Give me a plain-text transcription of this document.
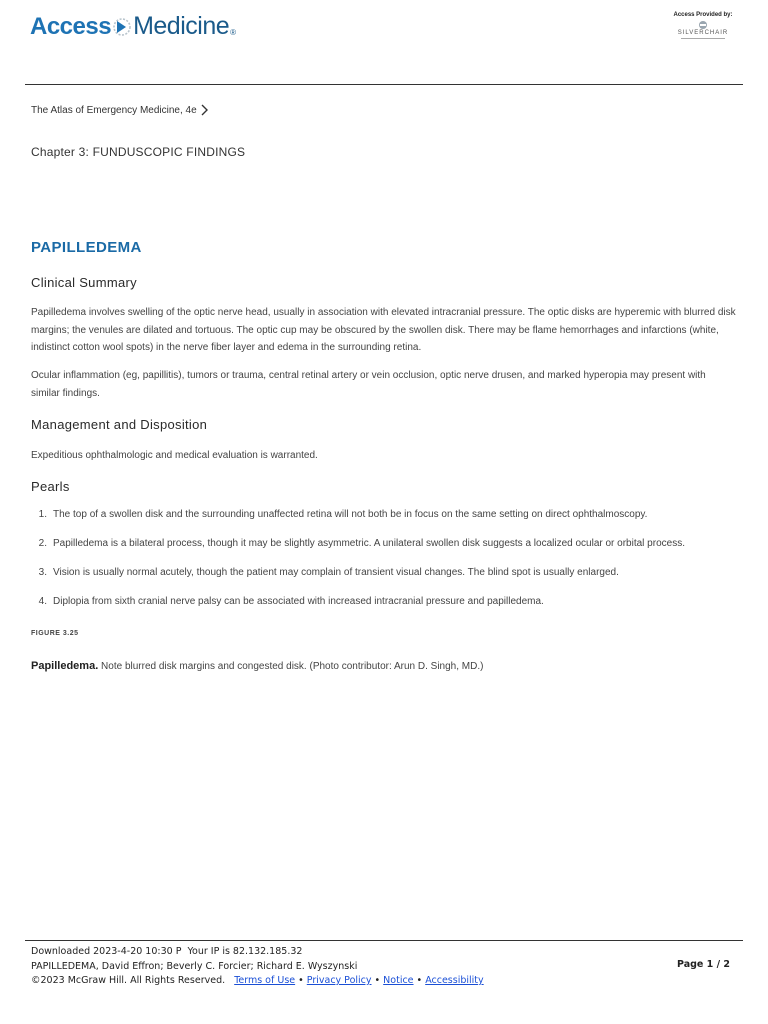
Access Medicine ®
Access Provided by:
SILVERCHAIR
The Atlas of Emergency Medicine, 4e
Chapter 3: FUNDUSCOPIC FINDINGS
PAPILLEDEMA
Clinical Summary

Papilledema involves swelling of the optic nerve head, usually in association with elevated intracranial pressure. The optic disks are hyperemic with blurred disk margins; the venules are dilated and tortuous. The optic cup may be obscured by the swollen disk. There may be flame hemorrhages and infarctions (white, indistinct cotton wool spots) in the nerve fiber layer and edema in the surrounding retina.

Ocular inflammation (eg, papillitis), tumors or trauma, central retinal artery or vein occlusion, optic nerve drusen, and marked hyperopia may present with similar findings.

Management and Disposition

Expeditious ophthalmologic and medical evaluation is warranted.

Pearls
1. The top of a swollen disk and the surrounding unaffected retina will not both be in focus on the same setting on direct ophthalmoscopy.
2. Papilledema is a bilateral process, though it may be slightly asymmetric. A unilateral swollen disk suggests a localized ocular or orbital process.
3. Vision is usually normal acutely, though the patient may complain of transient visual changes. The blind spot is usually enlarged.
4. Diplopia from sixth cranial nerve palsy can be associated with increased intracranial pressure and papilledema.
FIGURE 3.25
Papilledema. Note blurred disk margins and congested disk. (Photo contributor: Arun D. Singh, MD.)
Downloaded 2023-4-20 10:30 P  Your IP is 82.132.185.32
PAPILLEDEMA, David Effron; Beverly C. Forcier; Richard E. Wyszynski
©2023 McGraw Hill. All Rights Reserved.   Terms of Use • Privacy Policy • Notice • Accessibility
Page 1 / 2
